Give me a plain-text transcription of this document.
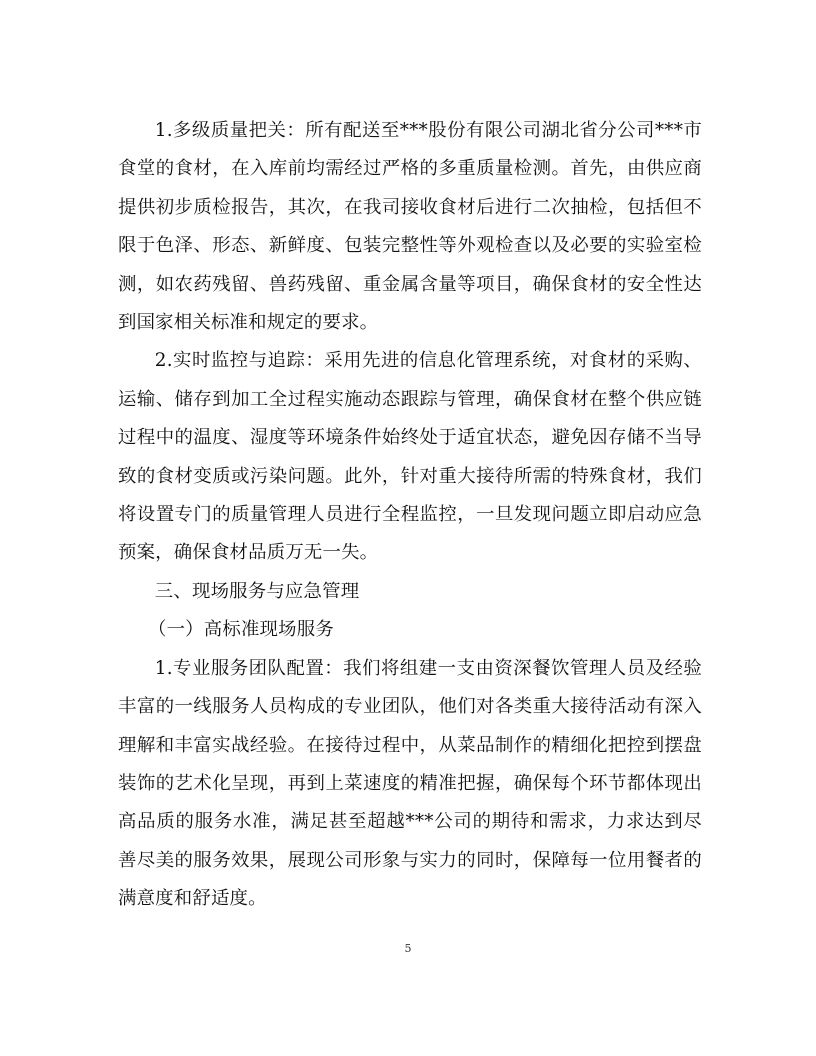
1.多级质量把关：所有配送至***股份有限公司湖北省分公司***市食堂的食材，在入库前均需经过严格的多重质量检测。首先，由供应商提供初步质检报告，其次，在我司接收食材后进行二次抽检，包括但不限于色泽、形态、新鲜度、包装完整性等外观检查以及必要的实验室检测，如农药残留、兽药残留、重金属含量等项目，确保食材的安全性达到国家相关标准和规定的要求。

2.实时监控与追踪：采用先进的信息化管理系统，对食材的采购、运输、储存到加工全过程实施动态跟踪与管理，确保食材在整个供应链过程中的温度、湿度等环境条件始终处于适宜状态，避免因存储不当导致的食材变质或污染问题。此外，针对重大接待所需的特殊食材，我们将设置专门的质量管理人员进行全程监控，一旦发现问题立即启动应急预案，确保食材品质万无一失。

三、现场服务与应急管理

（一）高标准现场服务

1.专业服务团队配置：我们将组建一支由资深餐饮管理人员及经验丰富的一线服务人员构成的专业团队，他们对各类重大接待活动有深入理解和丰富实战经验。在接待过程中，从菜品制作的精细化把控到摆盘装饰的艺术化呈现，再到上菜速度的精准把握，确保每个环节都体现出高品质的服务水准，满足甚至超越***公司的期待和需求，力求达到尽善尽美的服务效果，展现公司形象与实力的同时，保障每一位用餐者的满意度和舒适度。

5
